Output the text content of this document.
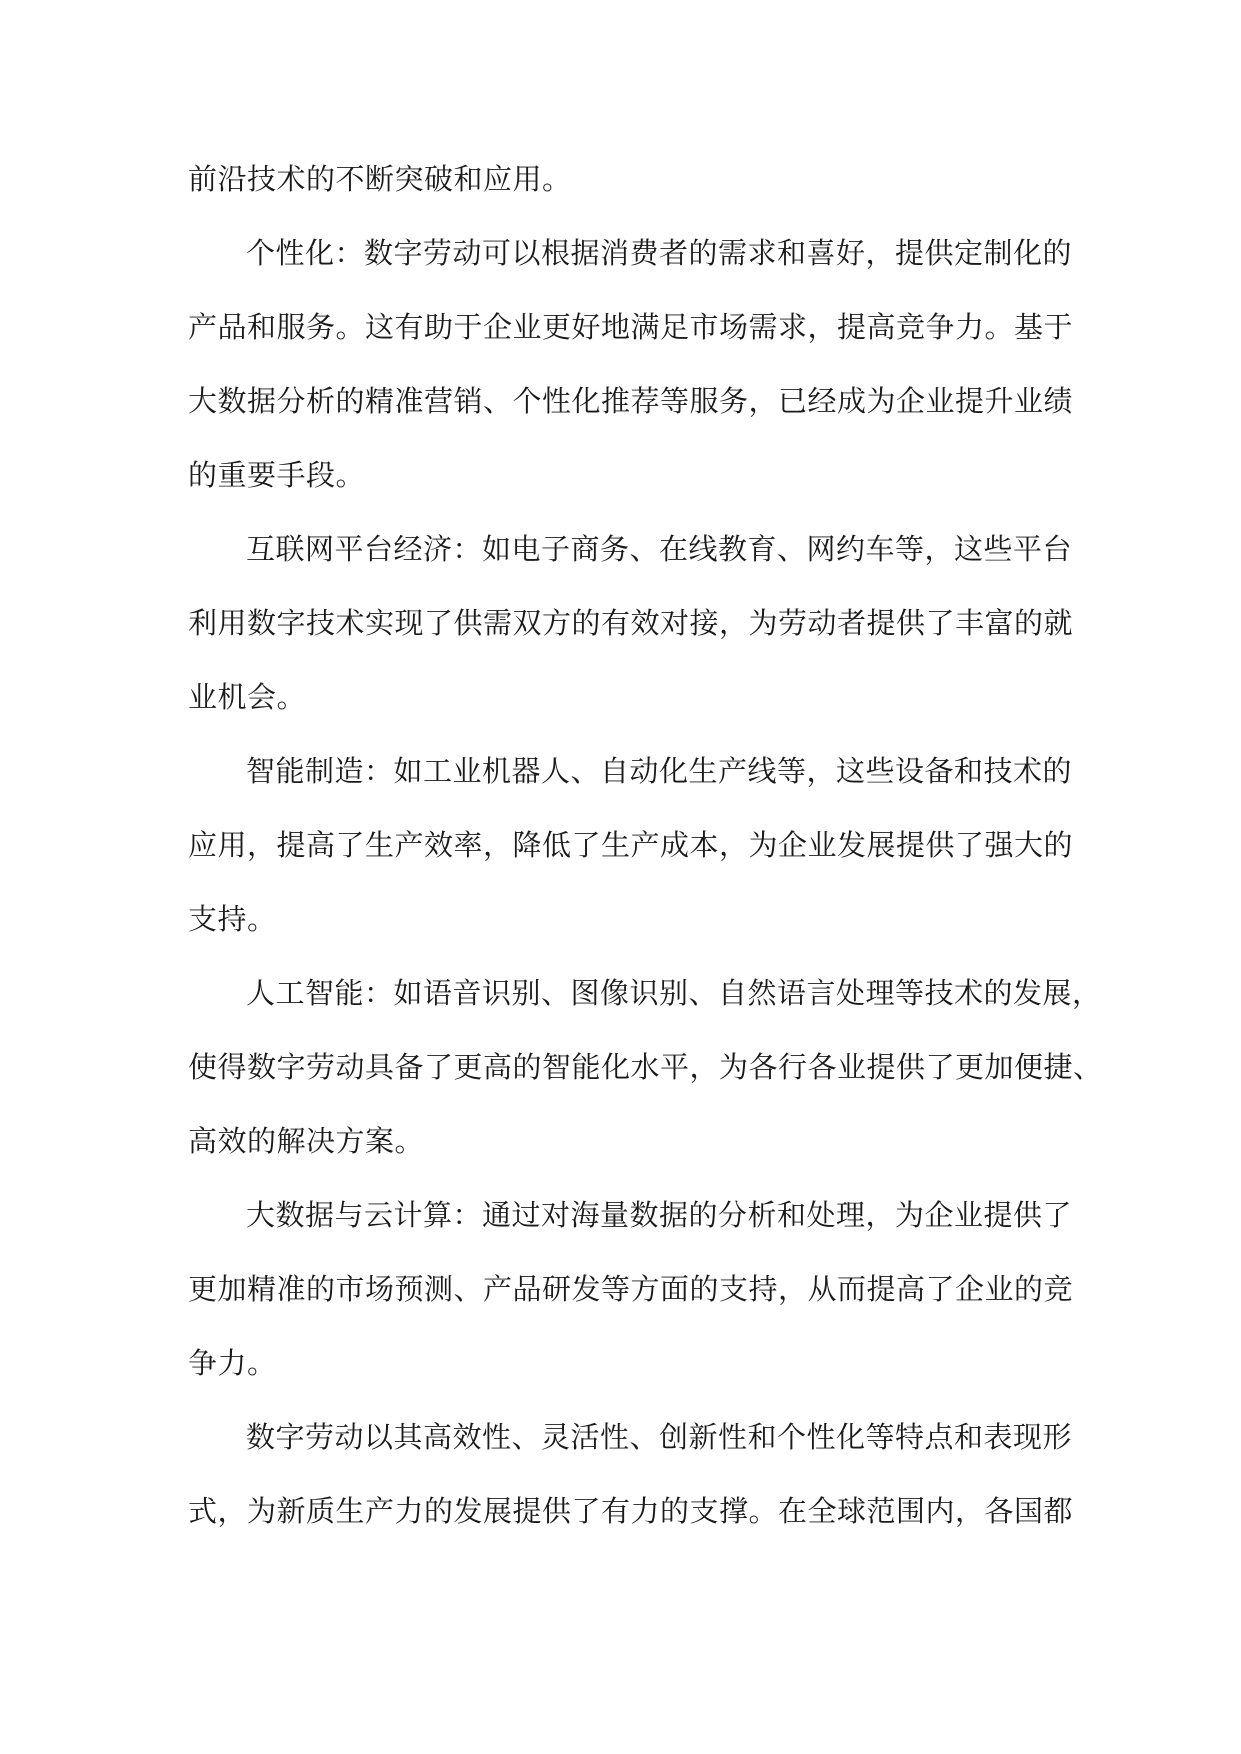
前沿技术的不断突破和应用。
个性化：数字劳动可以根据消费者的需求和喜好，提供定制化的
产品和服务。这有助于企业更好地满足市场需求，提高竞争力。基于
大数据分析的精准营销、个性化推荐等服务，已经成为企业提升业绩
的重要手段。
互联网平台经济：如电子商务、在线教育、网约车等，这些平台
利用数字技术实现了供需双方的有效对接，为劳动者提供了丰富的就
业机会。
智能制造：如工业机器人、自动化生产线等，这些设备和技术的
应用，提高了生产效率，降低了生产成本，为企业发展提供了强大的
支持。
人工智能：如语音识别、图像识别、自然语言处理等技术的发展，
使得数字劳动具备了更高的智能化水平，为各行各业提供了更加便捷、
高效的解决方案。
大数据与云计算：通过对海量数据的分析和处理，为企业提供了
更加精准的市场预测、产品研发等方面的支持，从而提高了企业的竞
争力。
数字劳动以其高效性、灵活性、创新性和个性化等特点和表现形
式，为新质生产力的发展提供了有力的支撑。在全球范围内，各国都
